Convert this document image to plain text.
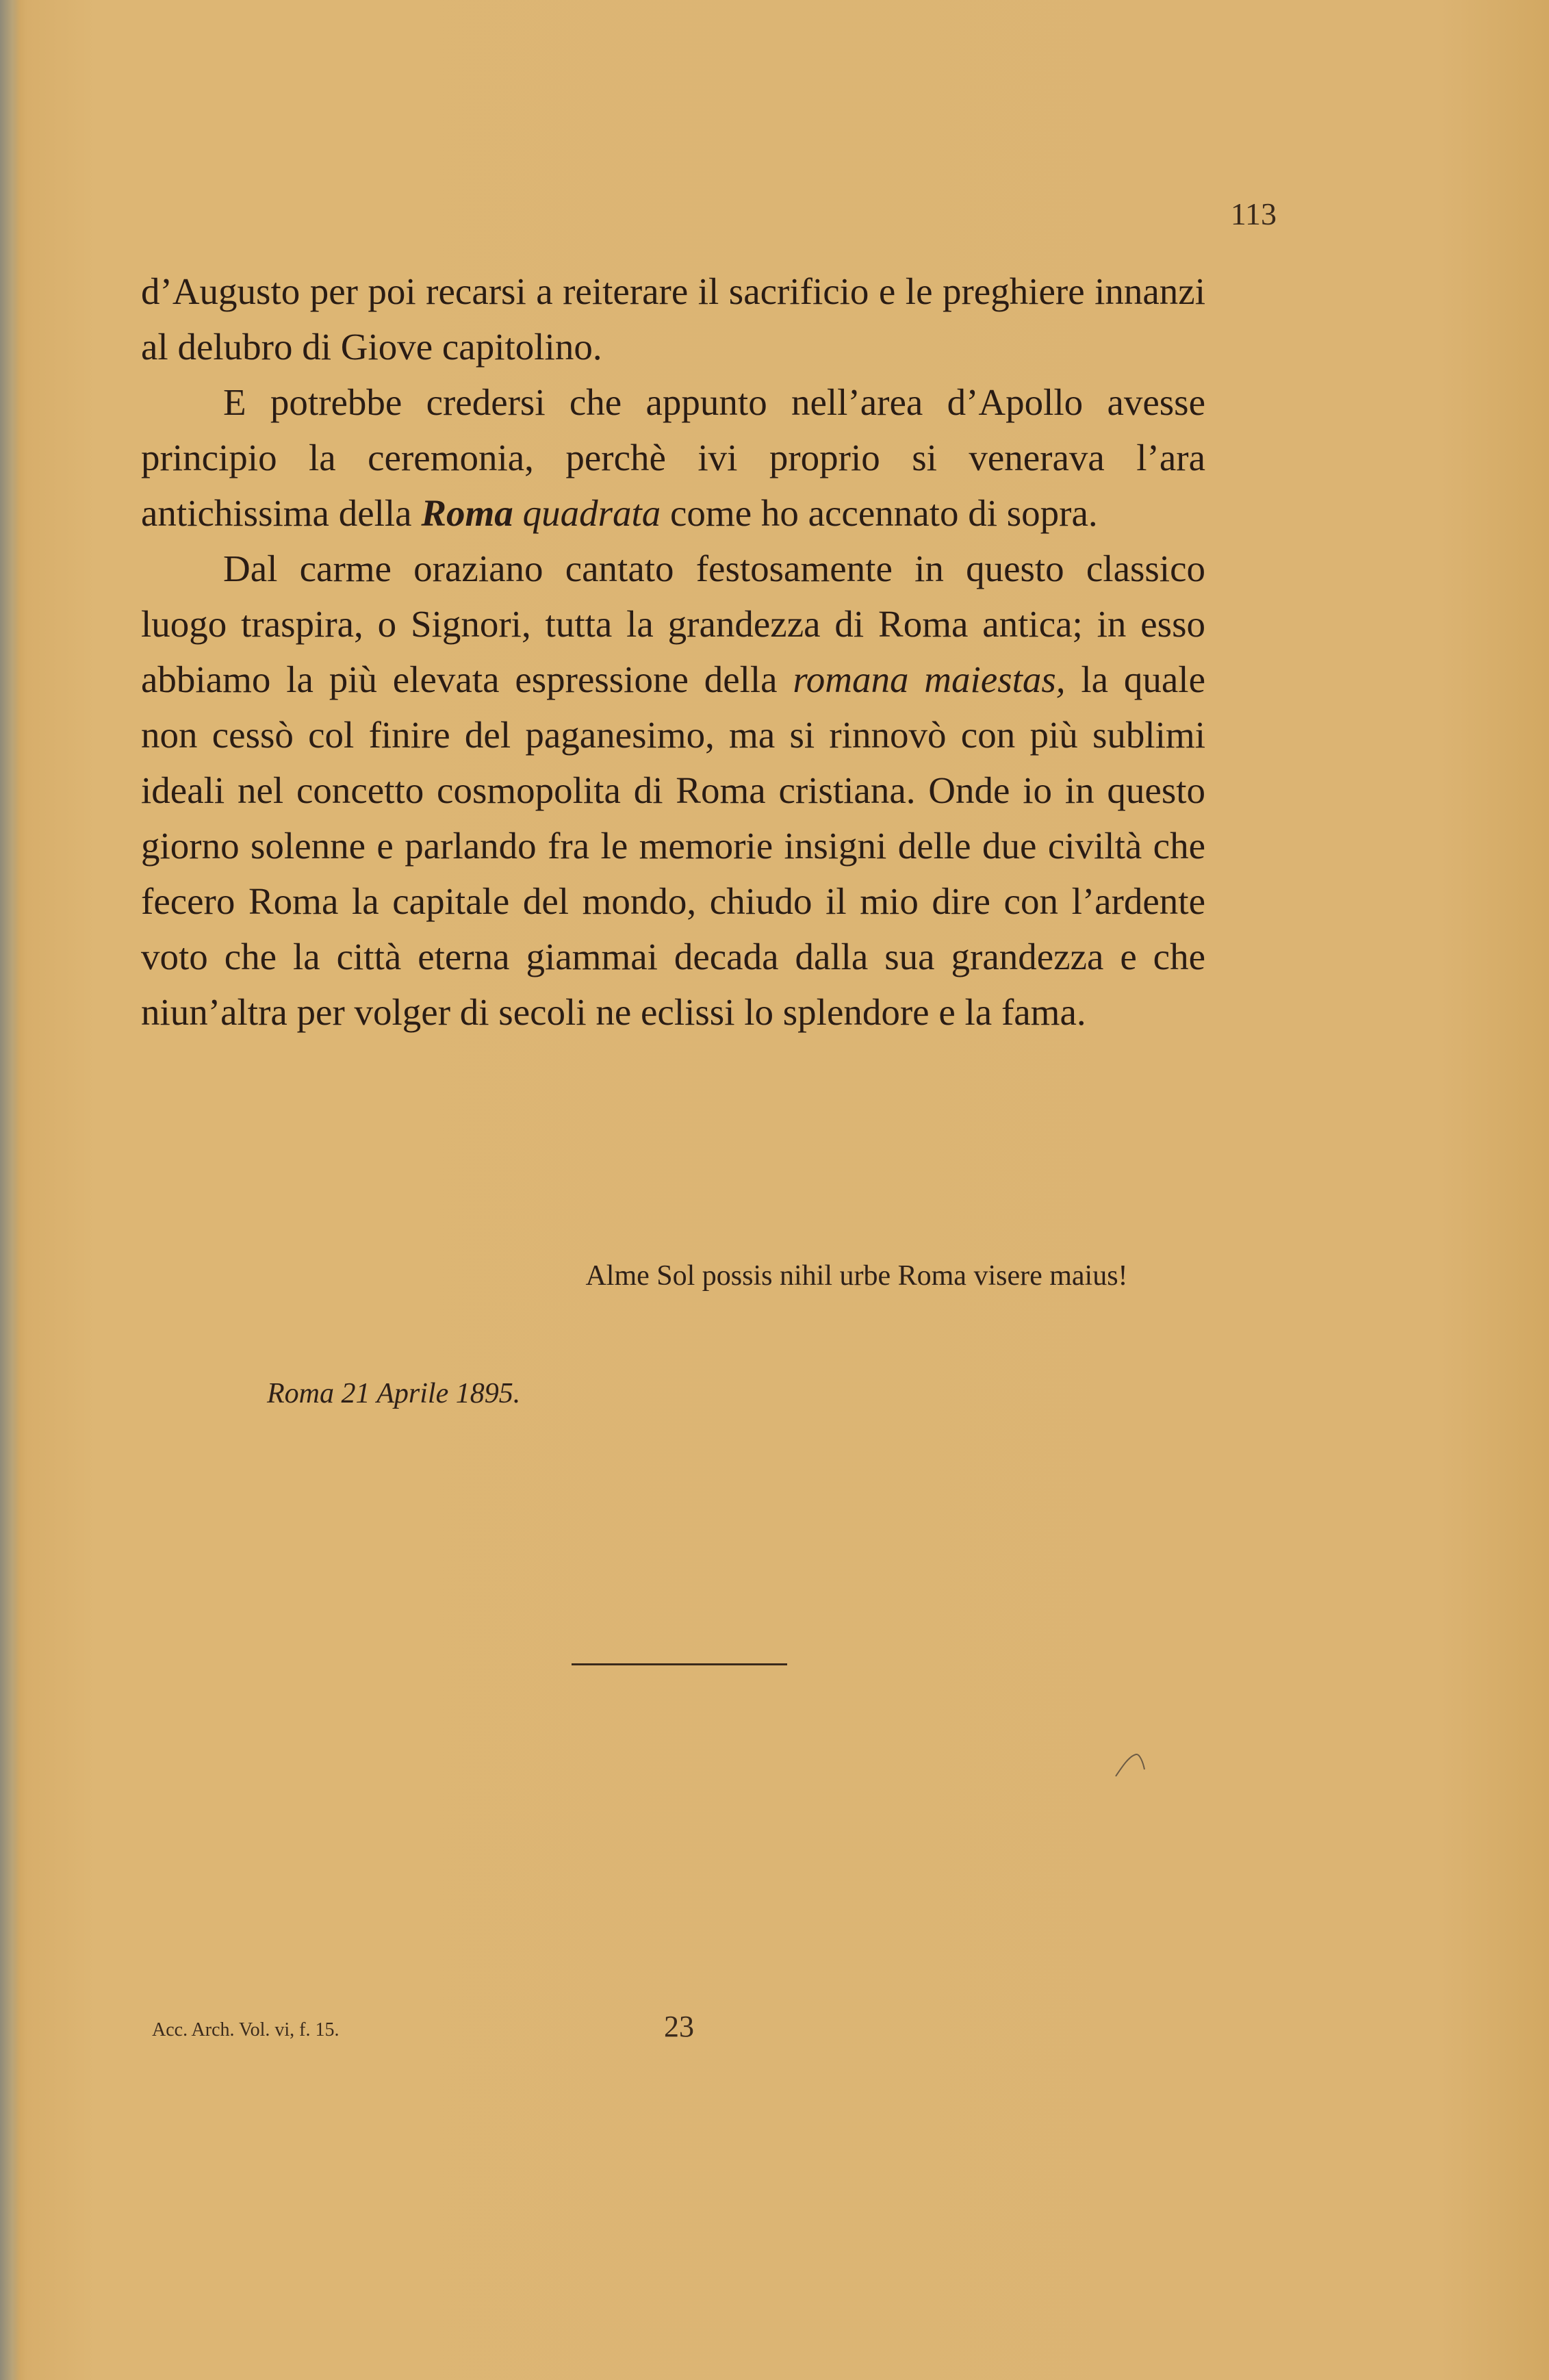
113

d’Augusto per poi recarsi a reiterare il sacrificio e le preghiere innanzi al delubro di Giove capitolino.

E potrebbe credersi che appunto nell’area d’Apollo avesse principio la ceremonia, perchè ivi proprio si venerava l’ara antichissima della Roma quadrata come ho accennato di sopra.

Dal carme oraziano cantato festosamente in questo classico luogo traspira, o Signori, tutta la grandezza di Roma antica; in esso abbiamo la più elevata espressione della romana maiestas, la quale non cessò col finire del paganesimo, ma si rinnovò con più sublimi ideali nel concetto cosmopolita di Roma cristiana. Onde io in questo giorno solenne e parlando fra le memorie insigni delle due civiltà che fecero Roma la capitale del mondo, chiudo il mio dire con l’ardente voto che la città eterna giammai decada dalla sua grandezza e che niun’altra per volger di secoli ne eclissi lo splendore e la fama.

Alme Sol possis nihil urbe Roma visere maius!
Roma 21 Aprile 1895.
Acc. Arch. Vol. vi, f. 15.	23
